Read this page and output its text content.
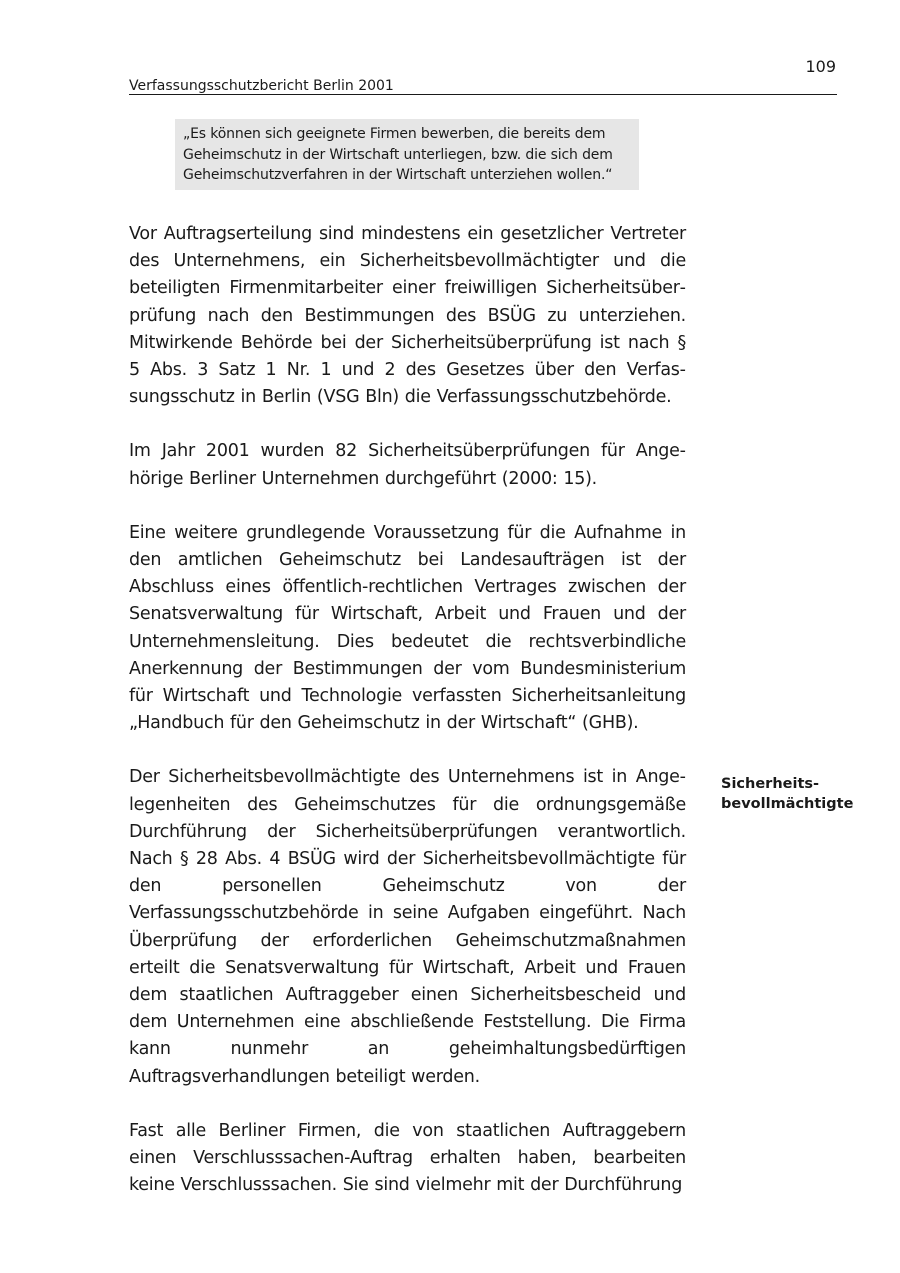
109
Verfassungsschutzbericht Berlin 2001
„Es können sich geeignete Firmen bewerben, die bereits dem Geheimschutz in der Wirtschaft unterliegen, bzw. die sich dem Geheimschutzverfahren in der Wirtschaft unterziehen wollen.“

Vor Auftragserteilung sind mindestens ein gesetzlicher Vertreter des Unternehmens, ein Sicherheitsbevollmächtigter und die beteiligten Firmenmitarbeiter einer freiwilligen Sicherheitsüberprüfung nach den Bestimmungen des BSÜG zu unterziehen. Mitwirkende Behörde bei der Sicherheitsüberprüfung ist nach § 5 Abs. 3 Satz 1 Nr. 1 und 2 des Gesetzes über den Verfassungsschutz in Berlin (VSG Bln) die Verfassungsschutzbehörde.

Im Jahr 2001 wurden 82 Sicherheitsüberprüfungen für Angehörige Berliner Unternehmen durchgeführt (2000: 15).

Eine weitere grundlegende Voraussetzung für die Aufnahme in den amtlichen Geheimschutz bei Landesaufträgen ist der Abschluss eines öffentlich-rechtlichen Vertrages zwischen der Senatsverwaltung für Wirtschaft, Arbeit und Frauen und der Unternehmensleitung. Dies bedeutet die rechtsverbindliche Anerkennung der Bestimmungen der vom Bundesministerium für Wirtschaft und Technologie verfassten Sicherheitsanleitung „Handbuch für den Geheimschutz in der Wirtschaft“ (GHB).

Der Sicherheitsbevollmächtigte des Unternehmens ist in Angelegenheiten des Geheimschutzes für die ordnungsgemäße Durchführung der Sicherheitsüberprüfungen verantwortlich. Nach § 28 Abs. 4 BSÜG wird der Sicherheitsbevollmächtigte für den personellen Geheimschutz von der Verfassungsschutzbehörde in seine Aufgaben eingeführt. Nach Überprüfung der erforderlichen Geheimschutzmaßnahmen erteilt die Senatsverwaltung für Wirtschaft, Arbeit und Frauen dem staatlichen Auftraggeber einen Sicherheitsbescheid und dem Unternehmen eine abschließende Feststellung. Die Firma kann nunmehr an geheimhaltungsbedürftigen Auftragsverhandlungen beteiligt werden.

Fast alle Berliner Firmen, die von staatlichen Auftraggebern einen Verschlusssachen-Auftrag erhalten haben, bearbeiten keine Verschlusssachen. Sie sind vielmehr mit der Durchführung

Sicherheits-
bevollmächtigte
